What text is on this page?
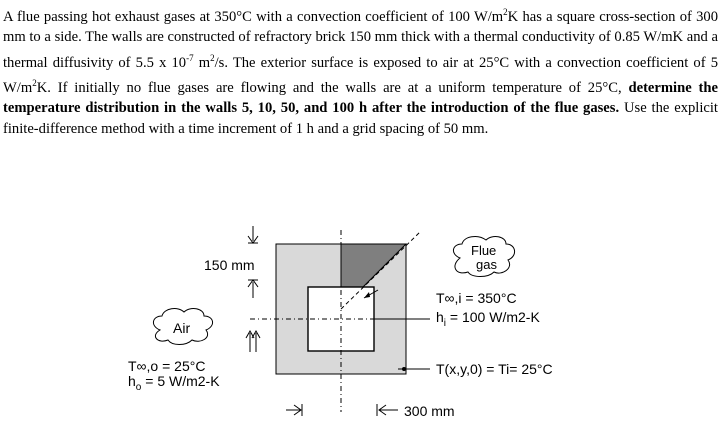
A flue passing hot exhaust gases at 350°C with a convection coefficient of 100 $W/m^2K$ has a square cross-section of 300 mm to a side. The walls are constructed of refractory brick 150 mm thick with a thermal conductivity of 0.85 W/mK and a thermal diffusivity of 5.5 x $10^{-7}$ $m^2/s$. The exterior surface is exposed to air at 25°C with a convection coefficient of 5 $W/m^2K$. If initially no flue gases are flowing and the walls are at a uniform temperature of 25°C, determine the temperature distribution in the walls 5, 10, 50, and 100 h after the introduction of the flue gases. Use the explicit finite-difference method with a time increment of 1 h and a grid spacing of 50 mm.
150 mm
Air
Flue
gas
T∞,i = 350°C
$h_i = 100$ W/m2-K
T∞,o = 25°C
$h_o = 5$ W/m2-K
T(x,y,0) = Ti= 25°C
300 mm
